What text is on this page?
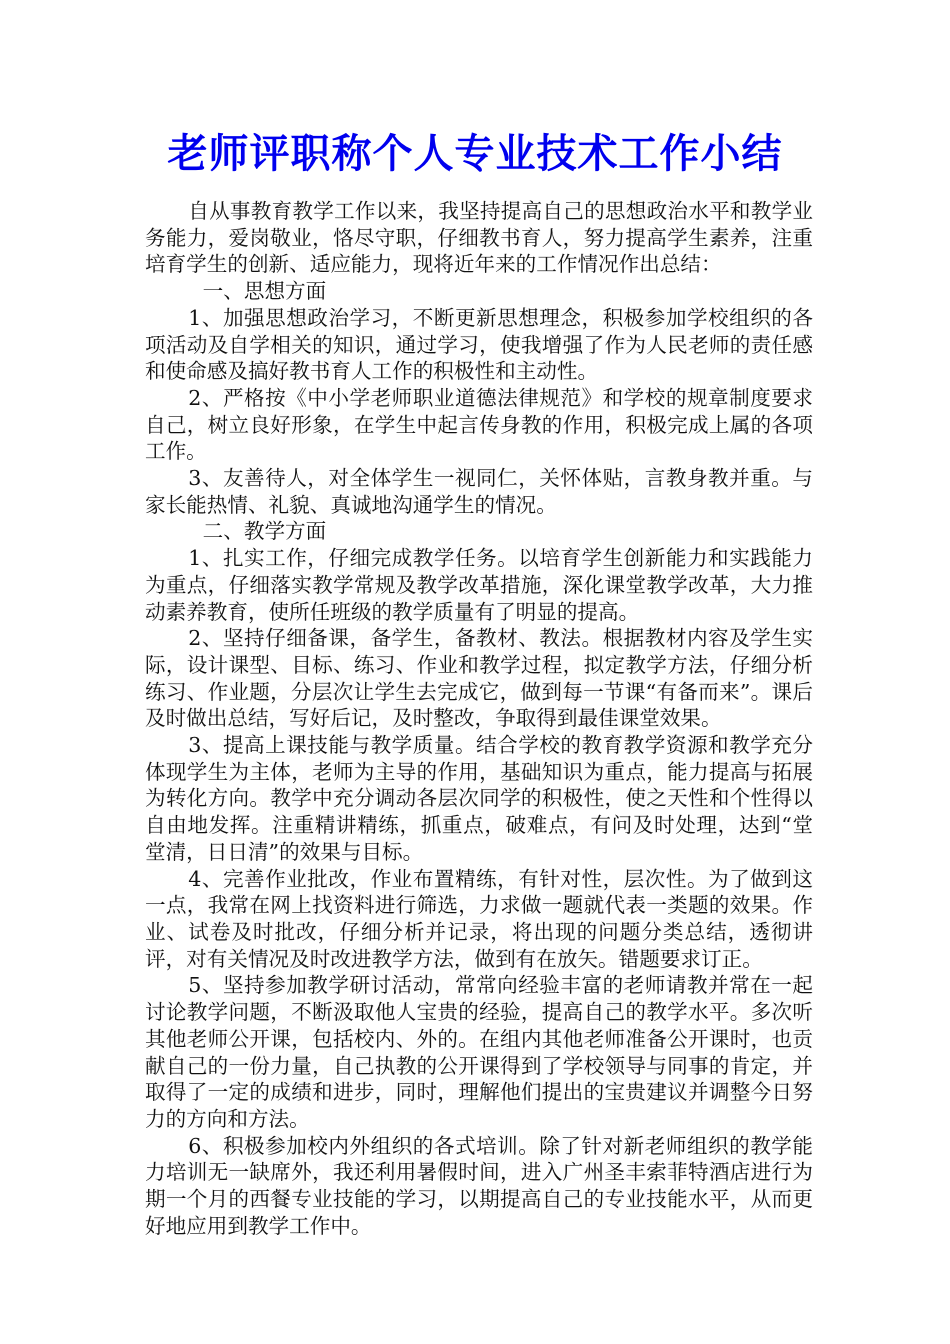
老师评职称个人专业技术工作小结

自从事教育教学工作以来，我坚持提高自己的思想政治水平和教学业务能力，爱岗敬业，恪尽守职，仔细教书育人，努力提高学生素养，注重培育学生的创新、适应能力，现将近年来的工作情况作出总结：

一、思想方面

1、加强思想政治学习，不断更新思想理念，积极参加学校组织的各项活动及自学相关的知识，通过学习，使我增强了作为人民老师的责任感和使命感及搞好教书育人工作的积极性和主动性。

2、严格按《中小学老师职业道德法律规范》和学校的规章制度要求自己，树立良好形象，在学生中起言传身教的作用，积极完成上属的各项工作。

3、友善待人，对全体学生一视同仁，关怀体贴，言教身教并重。与家长能热情、礼貌、真诚地沟通学生的情况。

二、教学方面

1、扎实工作，仔细完成教学任务。以培育学生创新能力和实践能力为重点，仔细落实教学常规及教学改革措施，深化课堂教学改革，大力推动素养教育，使所任班级的教学质量有了明显的提高。

2、坚持仔细备课，备学生，备教材、教法。根据教材内容及学生实际，设计课型、目标、练习、作业和教学过程，拟定教学方法，仔细分析练习、作业题，分层次让学生去完成它，做到每一节课“有备而来”。课后及时做出总结，写好后记，及时整改，争取得到最佳课堂效果。

3、提高上课技能与教学质量。结合学校的教育教学资源和教学充分体现学生为主体，老师为主导的作用，基础知识为重点，能力提高与拓展为转化方向。教学中充分调动各层次同学的积极性，使之天性和个性得以自由地发挥。注重精讲精练，抓重点，破难点，有问及时处理，达到“堂堂清，日日清”的效果与目标。

4、完善作业批改，作业布置精练，有针对性，层次性。为了做到这一点，我常在网上找资料进行筛选，力求做一题就代表一类题的效果。作业、试卷及时批改，仔细分析并记录，将出现的问题分类总结，透彻讲评，对有关情况及时改进教学方法，做到有在放矢。错题要求订正。

5、坚持参加教学研讨活动，常常向经验丰富的老师请教并常在一起讨论教学问题，不断汲取他人宝贵的经验，提高自己的教学水平。多次听其他老师公开课，包括校内、外的。在组内其他老师准备公开课时，也贡献自己的一份力量，自己执教的公开课得到了学校领导与同事的肯定，并取得了一定的成绩和进步，同时，理解他们提出的宝贵建议并调整今日努力的方向和方法。

6、积极参加校内外组织的各式培训。除了针对新老师组织的教学能力培训无一缺席外，我还利用暑假时间，进入广州圣丰索菲特酒店进行为期一个月的西餐专业技能的学习，以期提高自己的专业技能水平，从而更好地应用到教学工作中。
